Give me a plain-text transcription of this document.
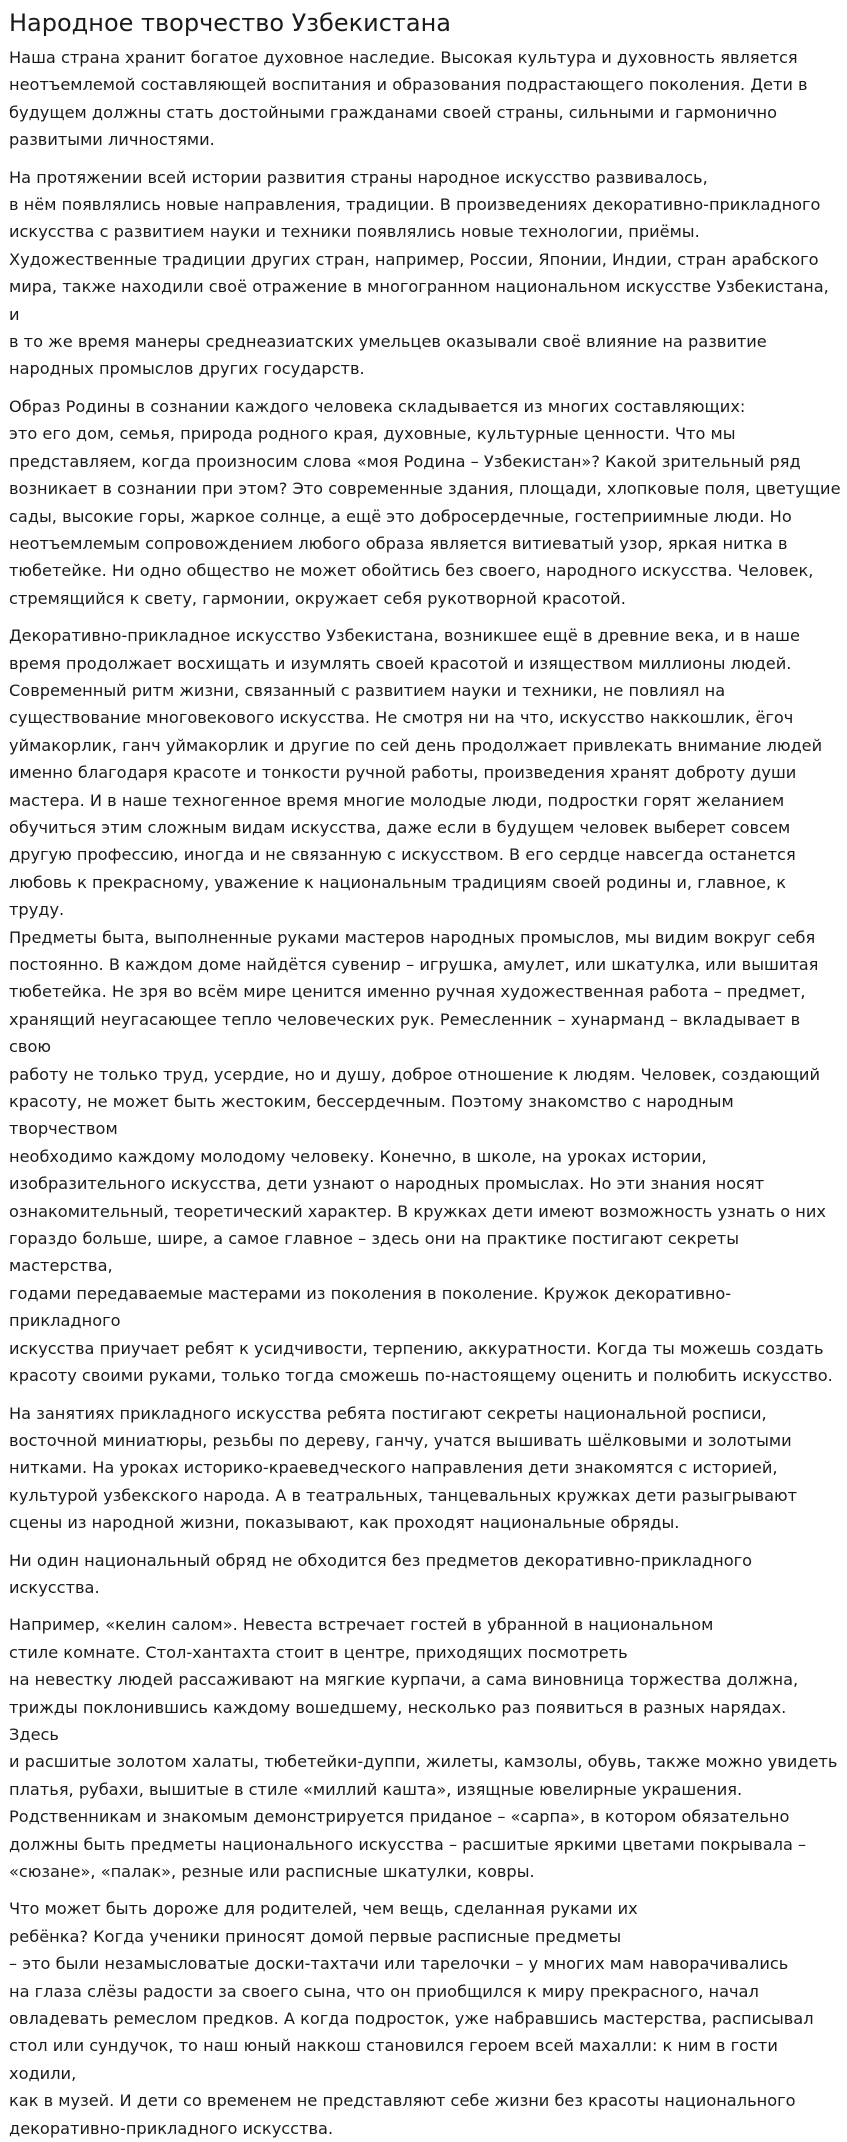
Народное творчество Узбекистана

Наша страна хранит богатое духовное наследие. Высокая культура и духовность является
неотъемлемой составляющей воспитания и образования подрастающего поколения. Дети в
будущем должны стать достойными гражданами своей страны, сильными и гармонично
развитыми личностями.

На протяжении всей истории развития страны народное искусство развивалось,
в нём появлялись новые направления, традиции. В произведениях декоративно-прикладного
искусства с развитием науки и техники появлялись новые технологии, приёмы.
Художественные традиции других стран, например, России, Японии, Индии, стран арабского
мира, также находили своё отражение в многогранном национальном искусстве Узбекистана, и
в то же время манеры среднеазиатских умельцев оказывали своё влияние на развитие
народных промыслов других государств.

Образ Родины в сознании каждого человека складывается из многих составляющих:
это его дом, семья, природа родного края, духовные, культурные ценности. Что мы
представляем, когда произносим слова «моя Родина – Узбекистан»? Какой зрительный ряд
возникает в сознании при этом? Это современные здания, площади, хлопковые поля, цветущие
сады, высокие горы, жаркое солнце, а ещё это добросердечные, гостеприимные люди. Но
неотъемлемым сопровождением любого образа является витиеватый узор, яркая нитка в
тюбетейке. Ни одно общество не может обойтись без своего, народного искусства. Человек,
стремящийся к свету, гармонии, окружает себя рукотворной красотой.

Декоративно-прикладное искусство Узбекистана, возникшее ещё в древние века, и в наше
время продолжает восхищать и изумлять своей красотой и изяществом миллионы людей.
Современный ритм жизни, связанный с развитием науки и техники, не повлиял на
существование многовекового искусства. Не смотря ни на что, искусство наккошлик, ёгоч
уймакорлик, ганч уймакорлик и другие по сей день продолжает привлекать внимание людей
именно благодаря красоте и тонкости ручной работы, произведения хранят доброту души
мастера. И в наше техногенное время многие молодые люди, подростки горят желанием
обучиться этим сложным видам искусства, даже если в будущем человек выберет совсем
другую профессию, иногда и не связанную с искусством. В его сердце навсегда останется
любовь к прекрасному, уважение к национальным традициям своей родины и, главное, к труду.
Предметы быта, выполненные руками мастеров народных промыслов, мы видим вокруг себя
постоянно. В каждом доме найдётся сувенир – игрушка, амулет, или шкатулка, или вышитая
тюбетейка. Не зря во всём мире ценится именно ручная художественная работа – предмет,
хранящий неугасающее тепло человеческих рук. Ремесленник – хунарманд – вкладывает в свою
работу не только труд, усердие, но и душу, доброе отношение к людям. Человек, создающий
красоту, не может быть жестоким, бессердечным. Поэтому знакомство с народным творчеством
необходимо каждому молодому человеку. Конечно, в школе, на уроках истории,
изобразительного искусства, дети узнают о народных промыслах. Но эти знания носят
ознакомительный, теоретический характер. В кружках дети имеют возможность узнать о них
гораздо больше, шире, а самое главное – здесь они на практике постигают секреты мастерства,
годами передаваемые мастерами из поколения в поколение. Кружок декоративно-прикладного
искусства приучает ребят к усидчивости, терпению, аккуратности. Когда ты можешь создать
красоту своими руками, только тогда сможешь по-настоящему оценить и полюбить искусство.

На занятиях прикладного искусства ребята постигают секреты национальной росписи,
восточной миниатюры, резьбы по дереву, ганчу, учатся вышивать шёлковыми и золотыми
нитками. На уроках историко-краеведческого направления дети знакомятся с историей,
культурой узбекского народа. А в театральных, танцевальных кружках дети разыгрывают
сцены из народной жизни, показывают, как проходят национальные обряды.

Ни один национальный обряд не обходится без предметов декоративно-прикладного искусства.

Например, «келин салом». Невеста встречает гостей в убранной в национальном
стиле комнате. Стол-хантахта стоит в центре, приходящих посмотреть
на невестку людей рассаживают на мягкие курпачи, а сама виновница торжества должна,
трижды поклонившись каждому вошедшему, несколько раз появиться в разных нарядах. Здесь
и расшитые золотом халаты, тюбетейки-дуппи, жилеты, камзолы, обувь, также можно увидеть
платья, рубахи, вышитые в стиле «миллий кашта», изящные ювелирные украшения.
Родственникам и знакомым демонстрируется приданое – «сарпа», в котором обязательно
должны быть предметы национального искусства – расшитые яркими цветами покрывала –
«сюзане», «палак», резные или расписные шкатулки, ковры.

Что может быть дороже для родителей, чем вещь, сделанная руками их
ребёнка? Когда ученики приносят домой первые расписные предметы
– это были незамысловатые доски-тахтачи или тарелочки – у многих мам наворачивались
на глаза слёзы радости за своего сына, что он приобщился к миру прекрасного, начал
овладевать ремеслом предков. А когда подросток, уже набравшись мастерства, расписывал
стол или сундучок, то наш юный наккош становился героем всей махалли: к ним в гости ходили,
как в музей. И дети со временем не представляют себе жизни без красоты национального
декоративно-прикладного искусства.
